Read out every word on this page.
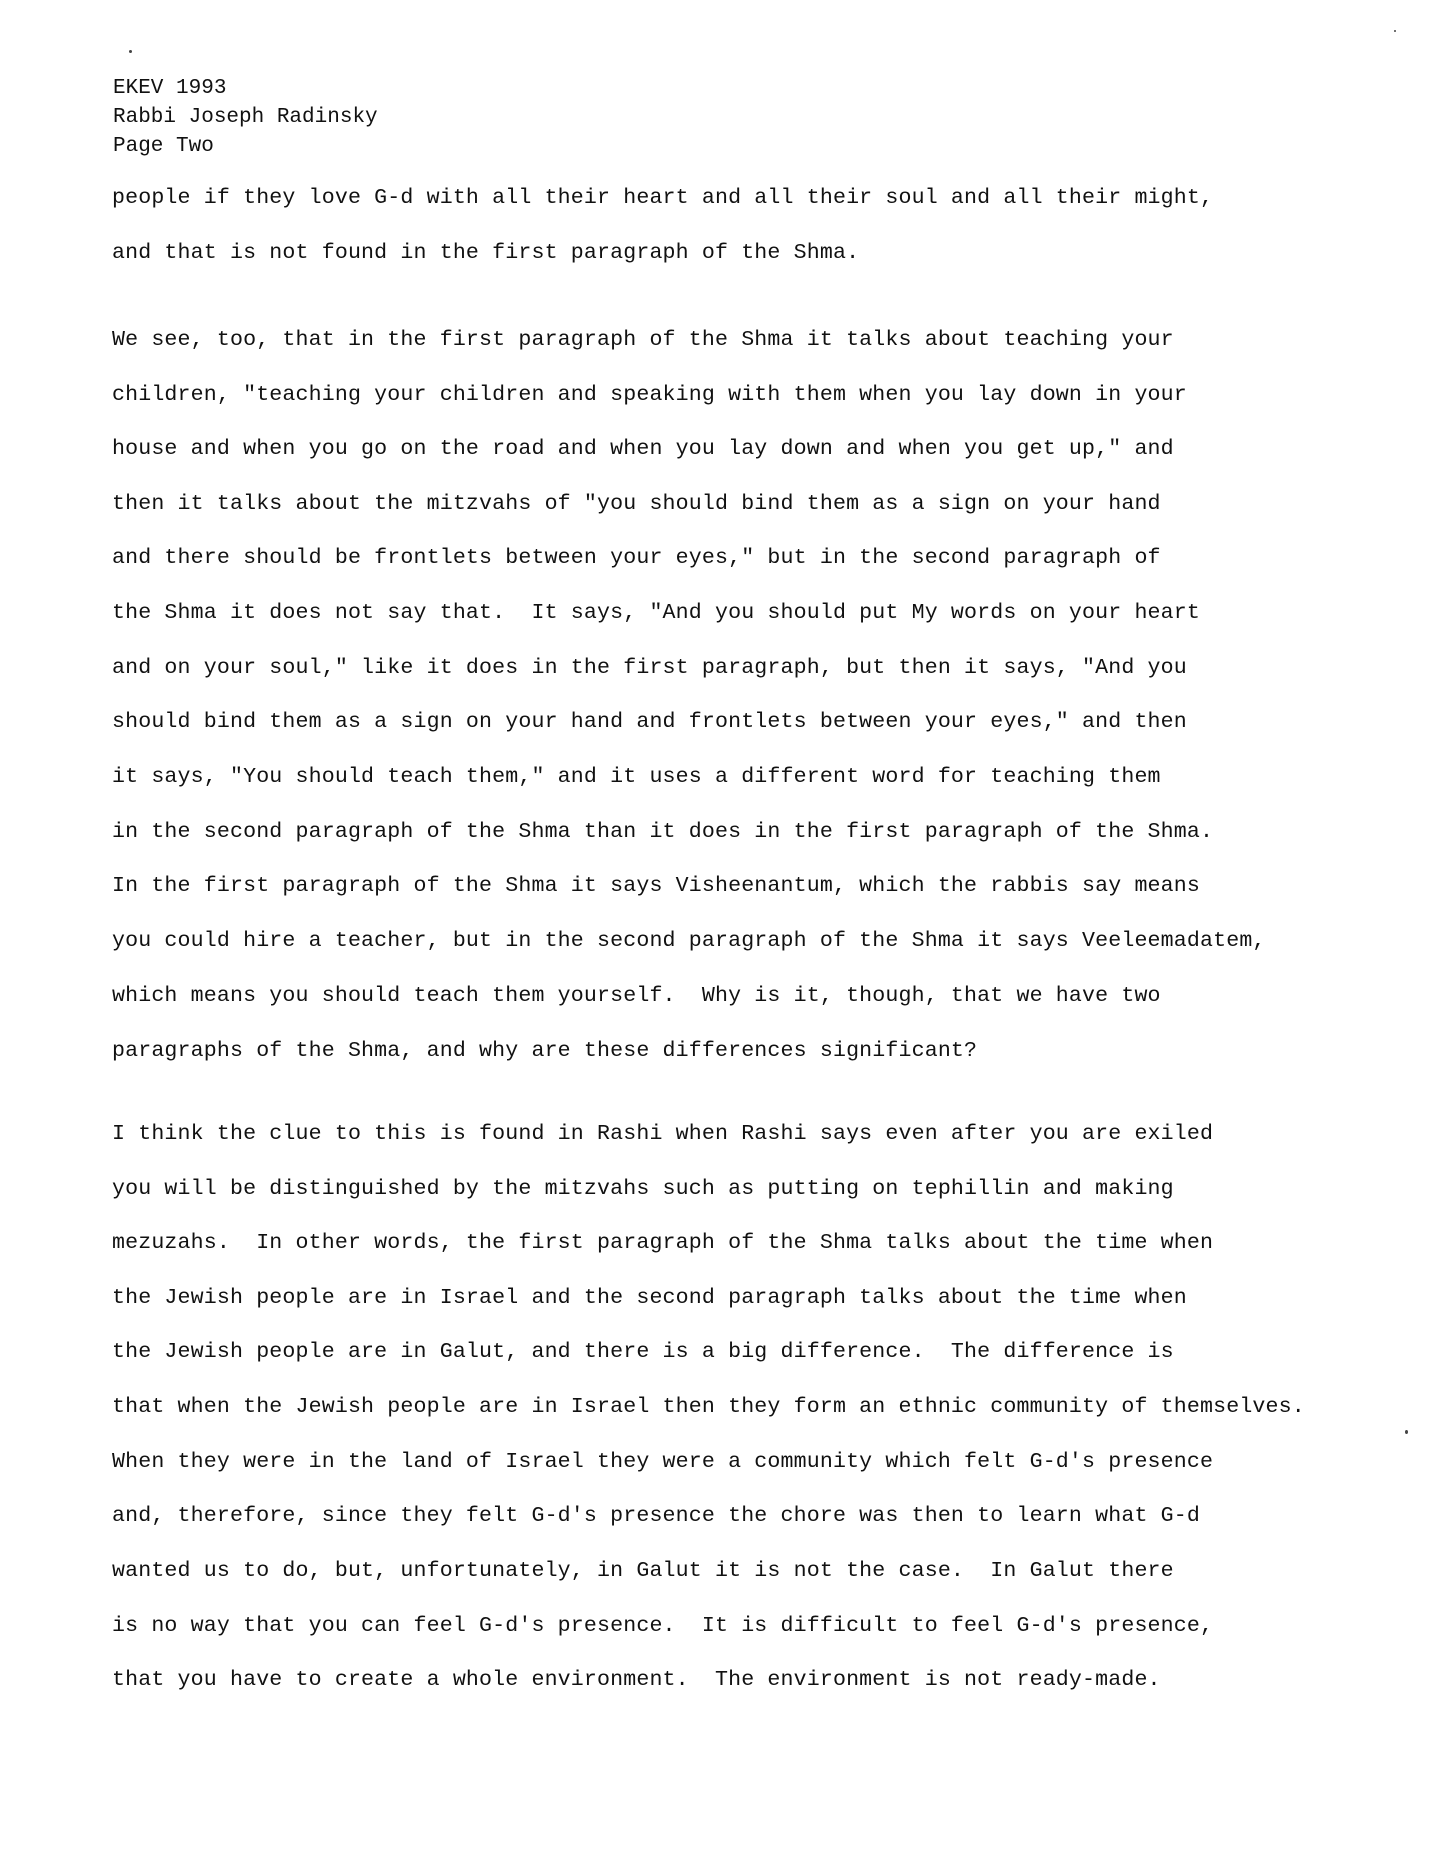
EKEV 1993
Rabbi Joseph Radinsky
Page Two
people if they love G-d with all their heart and all their soul and all their might,
and that is not found in the first paragraph of the Shma.
We see, too, that in the first paragraph of the Shma it talks about teaching your
children, "teaching your children and speaking with them when you lay down in your
house and when you go on the road and when you lay down and when you get up," and
then it talks about the mitzvahs of "you should bind them as a sign on your hand
and there should be frontlets between your eyes," but in the second paragraph of
the Shma it does not say that.  It says, "And you should put My words on your heart
and on your soul," like it does in the first paragraph, but then it says, "And you
should bind them as a sign on your hand and frontlets between your eyes," and then
it says, "You should teach them," and it uses a different word for teaching them
in the second paragraph of the Shma than it does in the first paragraph of the Shma.
In the first paragraph of the Shma it says Visheenantum, which the rabbis say means
you could hire a teacher, but in the second paragraph of the Shma it says Veeleemadatem,
which means you should teach them yourself.  Why is it, though, that we have two
paragraphs of the Shma, and why are these differences significant?
I think the clue to this is found in Rashi when Rashi says even after you are exiled
you will be distinguished by the mitzvahs such as putting on tephillin and making
mezuzahs.  In other words, the first paragraph of the Shma talks about the time when
the Jewish people are in Israel and the second paragraph talks about the time when
the Jewish people are in Galut, and there is a big difference.  The difference is
that when the Jewish people are in Israel then they form an ethnic community of themselves.
When they were in the land of Israel they were a community which felt G-d's presence
and, therefore, since they felt G-d's presence the chore was then to learn what G-d
wanted us to do, but, unfortunately, in Galut it is not the case.  In Galut there
is no way that you can feel G-d's presence.  It is difficult to feel G-d's presence,
that you have to create a whole environment.  The environment is not ready-made.
